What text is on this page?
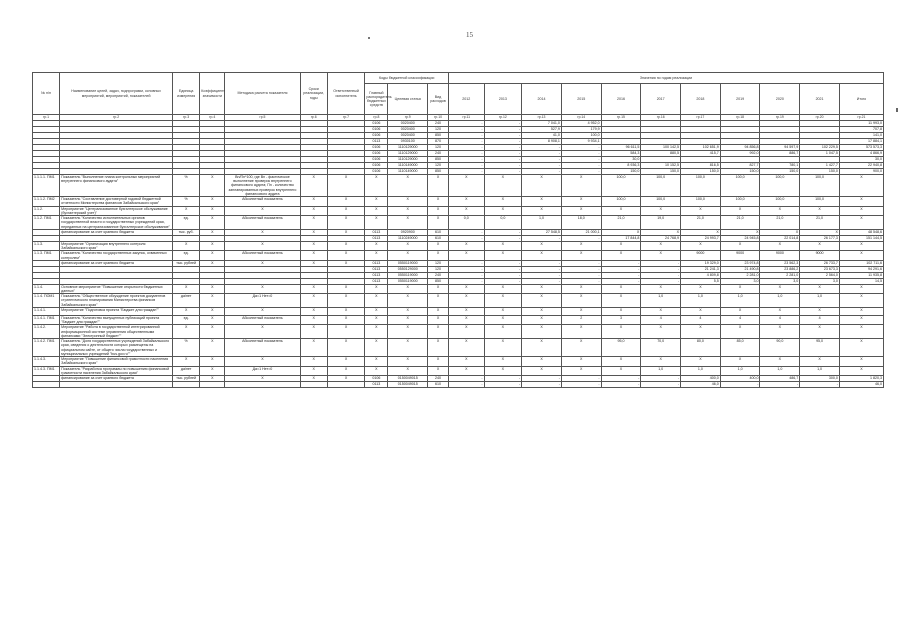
15
№ п/п	Наименование целей, задач, подпрограмм, основных мероприятий, мероприятий, показателей	Единица измерения	Коэффициент значимости	Методика расчета показателя	Сроки реализации, годы	Ответственный исполнитель	Коды бюджетной классификации			Значения по годам реализации										
							Главный распорядитель бюджетных средств	Целевая статья	Вид расходов	2012	2013	2014	2015	2016	2017	2018	2019	2020	2021	Итого
гр.1	гр.2	гр.3	гр.4	гр.5	гр.6	гр.7	гр.8	гр.9	гр.10	гр.11	гр.12	гр.13	гр.14	гр.15	гр.16	гр.17	гр.18	гр.19	гр.20	гр.21
							0106	0020400	240	-	-	7 041,0	4 952,0							11 993,0
							0106	0020400	120	-	-	527,9	179,9							707,8
							0106	0020400	850	-	-	41,0	100,0							141,0
							0113	0930100	870	-	-	8 908,1	9 934,1							17 884,1
							0106	1110129000	120	-	-	-	-	96 611,5	100 142,5	102 651,9	94 856,8	94 597,9	102 229,5	573 573,3
							0106	1110129000	240	-	-	-	-	584,3	880,5	415,7	992,0	886,7	1 047,5	4 866,9
							0106	1110129000	850	-	-	-	-	30,0						30,0
							0106	1110149000	120	-	-	-	-	8 936,3	10 152,5	816,5	827,7	780,1	1 427,7	22 940,8
							0106	1110149000	850	-	-	-	-	150,0	150,0	150,0	150,0	150,0	150,0	900,0
1.1.1.1. ПМ1	Показатель "Выполнение плана контрольных мероприятий внутреннего финансового аудита"	%	X	Вn/Пn*100, где Вn - фактическое выполнение проверок внутреннего финансового аудита; Пn - количество запланированных проверок внутреннего финансового аудита	X	X	X	X	X	X	X	X	X	100,0	100,0	100,0	100,0	100,0	100,0	X
1.1.1.2. ПМ2	Показатель "Составление достоверной годовой бюджетной отчетности Министерства финансов Забайкальского края"	%	X	Абсолютный показатель	X	X	X	X	X	X	X	X	X	100,0	100,0	100,0	100,0	100,0	100,0	X
1.1.2.	Мероприятие "Централизованное бухгалтерское обслуживание (бухгалтерский учет)"	X	X	X	X	X	X	X	X	X	X	X	X	X	X	X	X	X	X	X
1.1.2. ПМ1	Показатель "Количество исполнительных органов государственной власти и государственных учреждений края, переданных на централизованное бухгалтерское обслуживание"	ед.	X	Абсолютный показатель	X	X	X	X	X	0,0	0,0	1,0	18,0	21,0	19,0	21,0	21,0	21,0	21,0	X
	финансирование за счет краевого бюджета	тыс. руб.	X	X	X	X	0113	0920900	610	-	-	27 548,5	21 000,1	X	X	X	X	X	X	48 548,6
							0113	1110249000	610	-	-	-	-	17 844,8	24 768,9	24 993,7	24 945,8	22 014,8	26 177,3	151 144,5
1.1.3.	Мероприятие "Организация внутреннего контроля Забайкальского края"	X	X	X	X	X	X	X	X	X	X	X	X	X	X	X	X	X	X	X
1.1.3. ПМ1	Показатель "Количество государственных закупок, охваченных контролем"	ед.	X	Абсолютный показатель	X	X	X	X	X	X	X	X	X	X	X	9000	9000	9000	9000	X
	финансирование за счет краевого бюджета	тыс. рублей	X	X	X	X	0113	0550119000	120	-	-	-	-	-	-	19 329,0	23 974,8	23 562,3	26 733,7	102 711,6
							0113	0550129000	120	-	-	-	-	-	-	21 241,3	21 490,8	23 886,2	23 673,3	94 291,6
							0113	0550119000	240	-	-	-	-	-	-	4 809,8	2 281,0	2 281,0	2 564,0	11 935,8
							0113	0550119000	850	-	-	-	-	-	-	5,5	3,0	3,0	3,0	14,5
1.1.4.	Основное мероприятие "Повышение открытости бюджетных данных"	X	X	X	X	X	X	X	X	X	X	X	X	X	X	X	X	X	X	X
1.1.4. ПОМ1	Показатель "Общественное обсуждение проектов документов стратегического планирования Министерства финансов Забайкальского края"	да/нет	X	Да=1 Нет=0	X	X	X	X	X	X	X	X	X	X	1,0	1,0	1,0	1,0	1,0	X
1.1.4.1.	Мероприятие "Подготовка проекта "Бюджет для граждан""	X	X	X	X	X	X	X	X	X	X	X	X	X	X	X	X	X	X	X
1.1.4.1. ПМ1	Показатель "Количество выпущенных публикаций проекта "Бюджет для граждан""	ед.	X	Абсолютный показатель	X	X	X	X	X	X	X	X	2	3	4	4	4	4	4	X
1.1.4.2.	Мероприятие "Работа в государственной интегрированной информационной системе управления общественными финансами "Электронный бюджет""	X	X	X	X	X	X	X	X	X	X	X	X	X	X	X	X	X	X	X
1.1.4.2. ПМ1	Показатель "Доля государственных учреждений Забайкальского края, сведения о деятельности которых размещены на официальном сайте, от общего числа государственных и муниципальных учреждений "bus.gov.ru""	%	X	Абсолютный показатель	X	X	X	X	X	X	X	X	X	95,0	70,0	80,0	85,0	90,0	95,0	X
1.1.4.3.	Мероприятие "Повышение финансовой грамотности населения Забайкальского края"	X	X	X	X	X	X	X	X	X	X	X	X	X	X	X	X	X	X	X
1.1.4.3. ПМ1	Показатель "Разработка программы по повышению финансовой грамотности населения Забайкальского края"	да/нет	X	Да=1 Нет=0	X	X	X	X	X	X	X	X	X	X	1,0	1,0	1,0	1,0	1,0	X
	финансирование за счет краевого бюджета	тыс. рублей	X	X	X	X	0106	0150049015	240	-	-	-	-	-	-	400,0	400,0	486,7	300,0	1 820,3
							0113	0150049015	610	-	-	-	-	-	-	46,0	-	-	-	46,0
